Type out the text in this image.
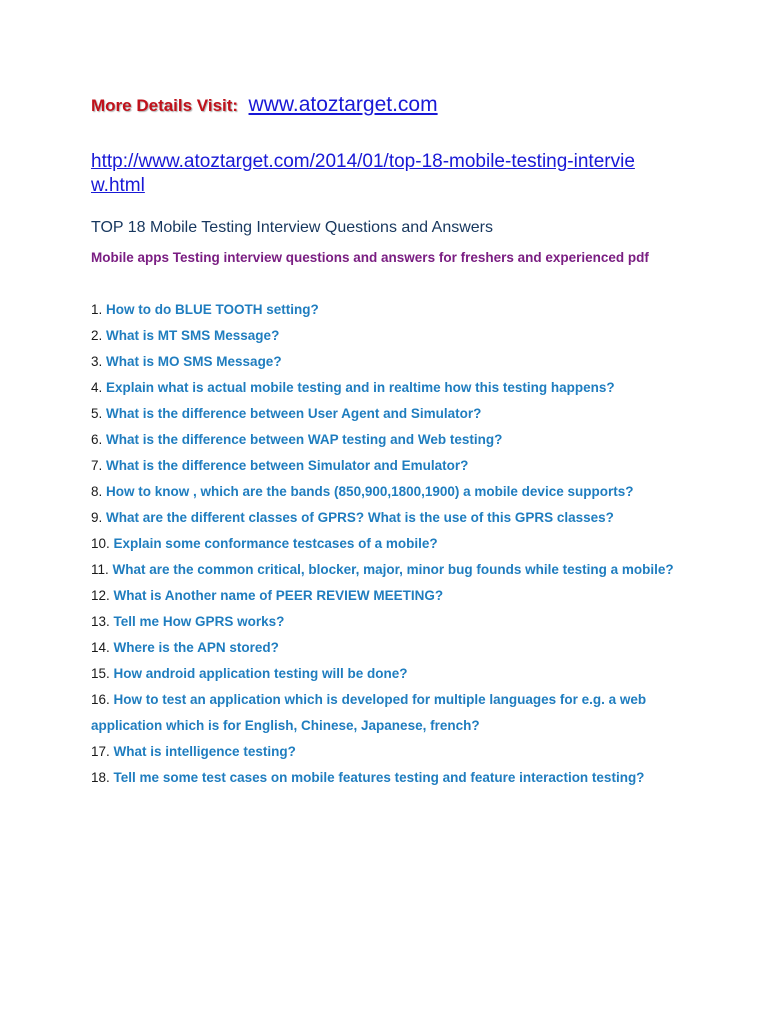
More Details Visit: www.atoztarget.com
http://www.atoztarget.com/2014/01/top-18-mobile-testing-interview.html
TOP 18 Mobile Testing Interview Questions and Answers
Mobile apps Testing interview questions and answers for freshers and experienced pdf
1. How to do BLUE TOOTH setting?
2. What is MT SMS Message?
3. What is MO SMS Message?
4. Explain what is actual mobile testing and in realtime how this testing happens?
5. What is the difference between User Agent and Simulator?
6. What is the difference between WAP testing and Web testing?
7. What is the difference between Simulator and Emulator?
8. How to know , which are the bands (850,900,1800,1900) a mobile device supports?
9. What are the different classes of GPRS? What is the use of this GPRS classes?
10. Explain some conformance testcases of a mobile?
11. What are the common critical, blocker, major, minor bug founds while testing a mobile?
12. What is Another name of PEER REVIEW MEETING?
13. Tell me How GPRS works?
14. Where is the APN stored?
15. How android application testing will be done?
16. How to test an application which is developed for multiple languages for e.g. a web application which is for English, Chinese, Japanese, french?
17. What is intelligence testing?
18. Tell me some test cases on mobile features testing and feature interaction testing?
